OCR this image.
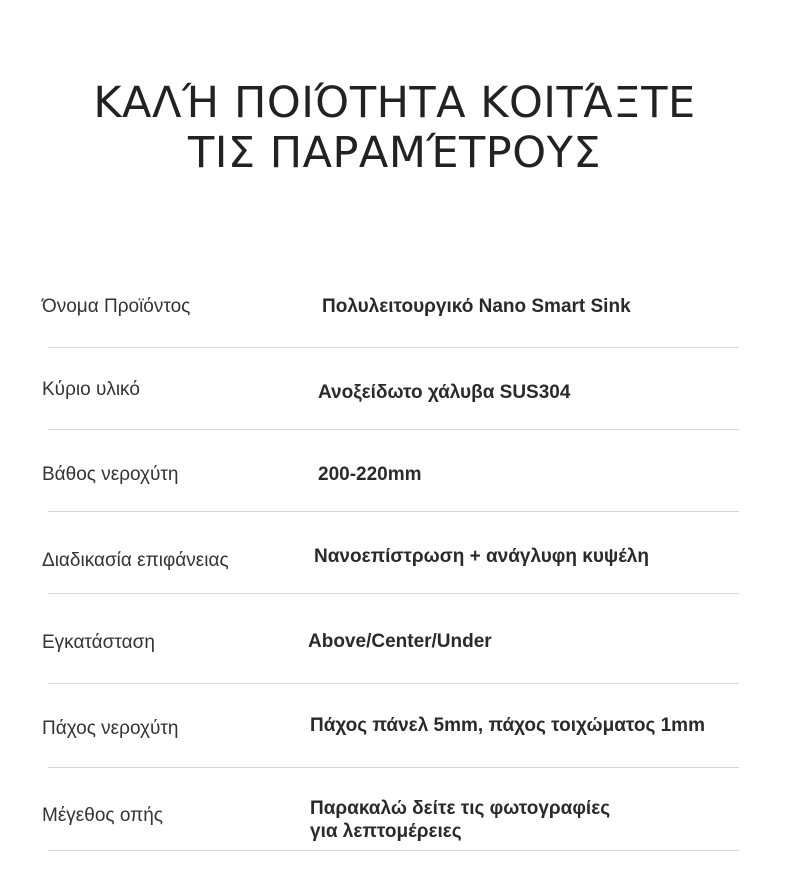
ΚΑΛΉ ΠΟΙΌΤΗΤΑ ΚΟΙΤΆΞΤΕ
ΤΙΣ ΠΑΡΑΜΈΤΡΟΥΣ
Όνομα Προϊόντος	Πολυλειτουργικό Nano Smart Sink
Κύριο υλικό	Ανοξείδωτο χάλυβα SUS304
Βάθος νεροχύτη	200-220mm
Διαδικασία επιφάνειας	Νανοεπίστρωση + ανάγλυφη κυψέλη
Εγκατάσταση	Above/Center/Under
Πάχος νεροχύτη	Πάχος πάνελ 5mm, πάχος τοιχώματος 1mm
Μέγεθος οπής	Παρακαλώ δείτε τις φωτογραφίες
για λεπτομέρειες
